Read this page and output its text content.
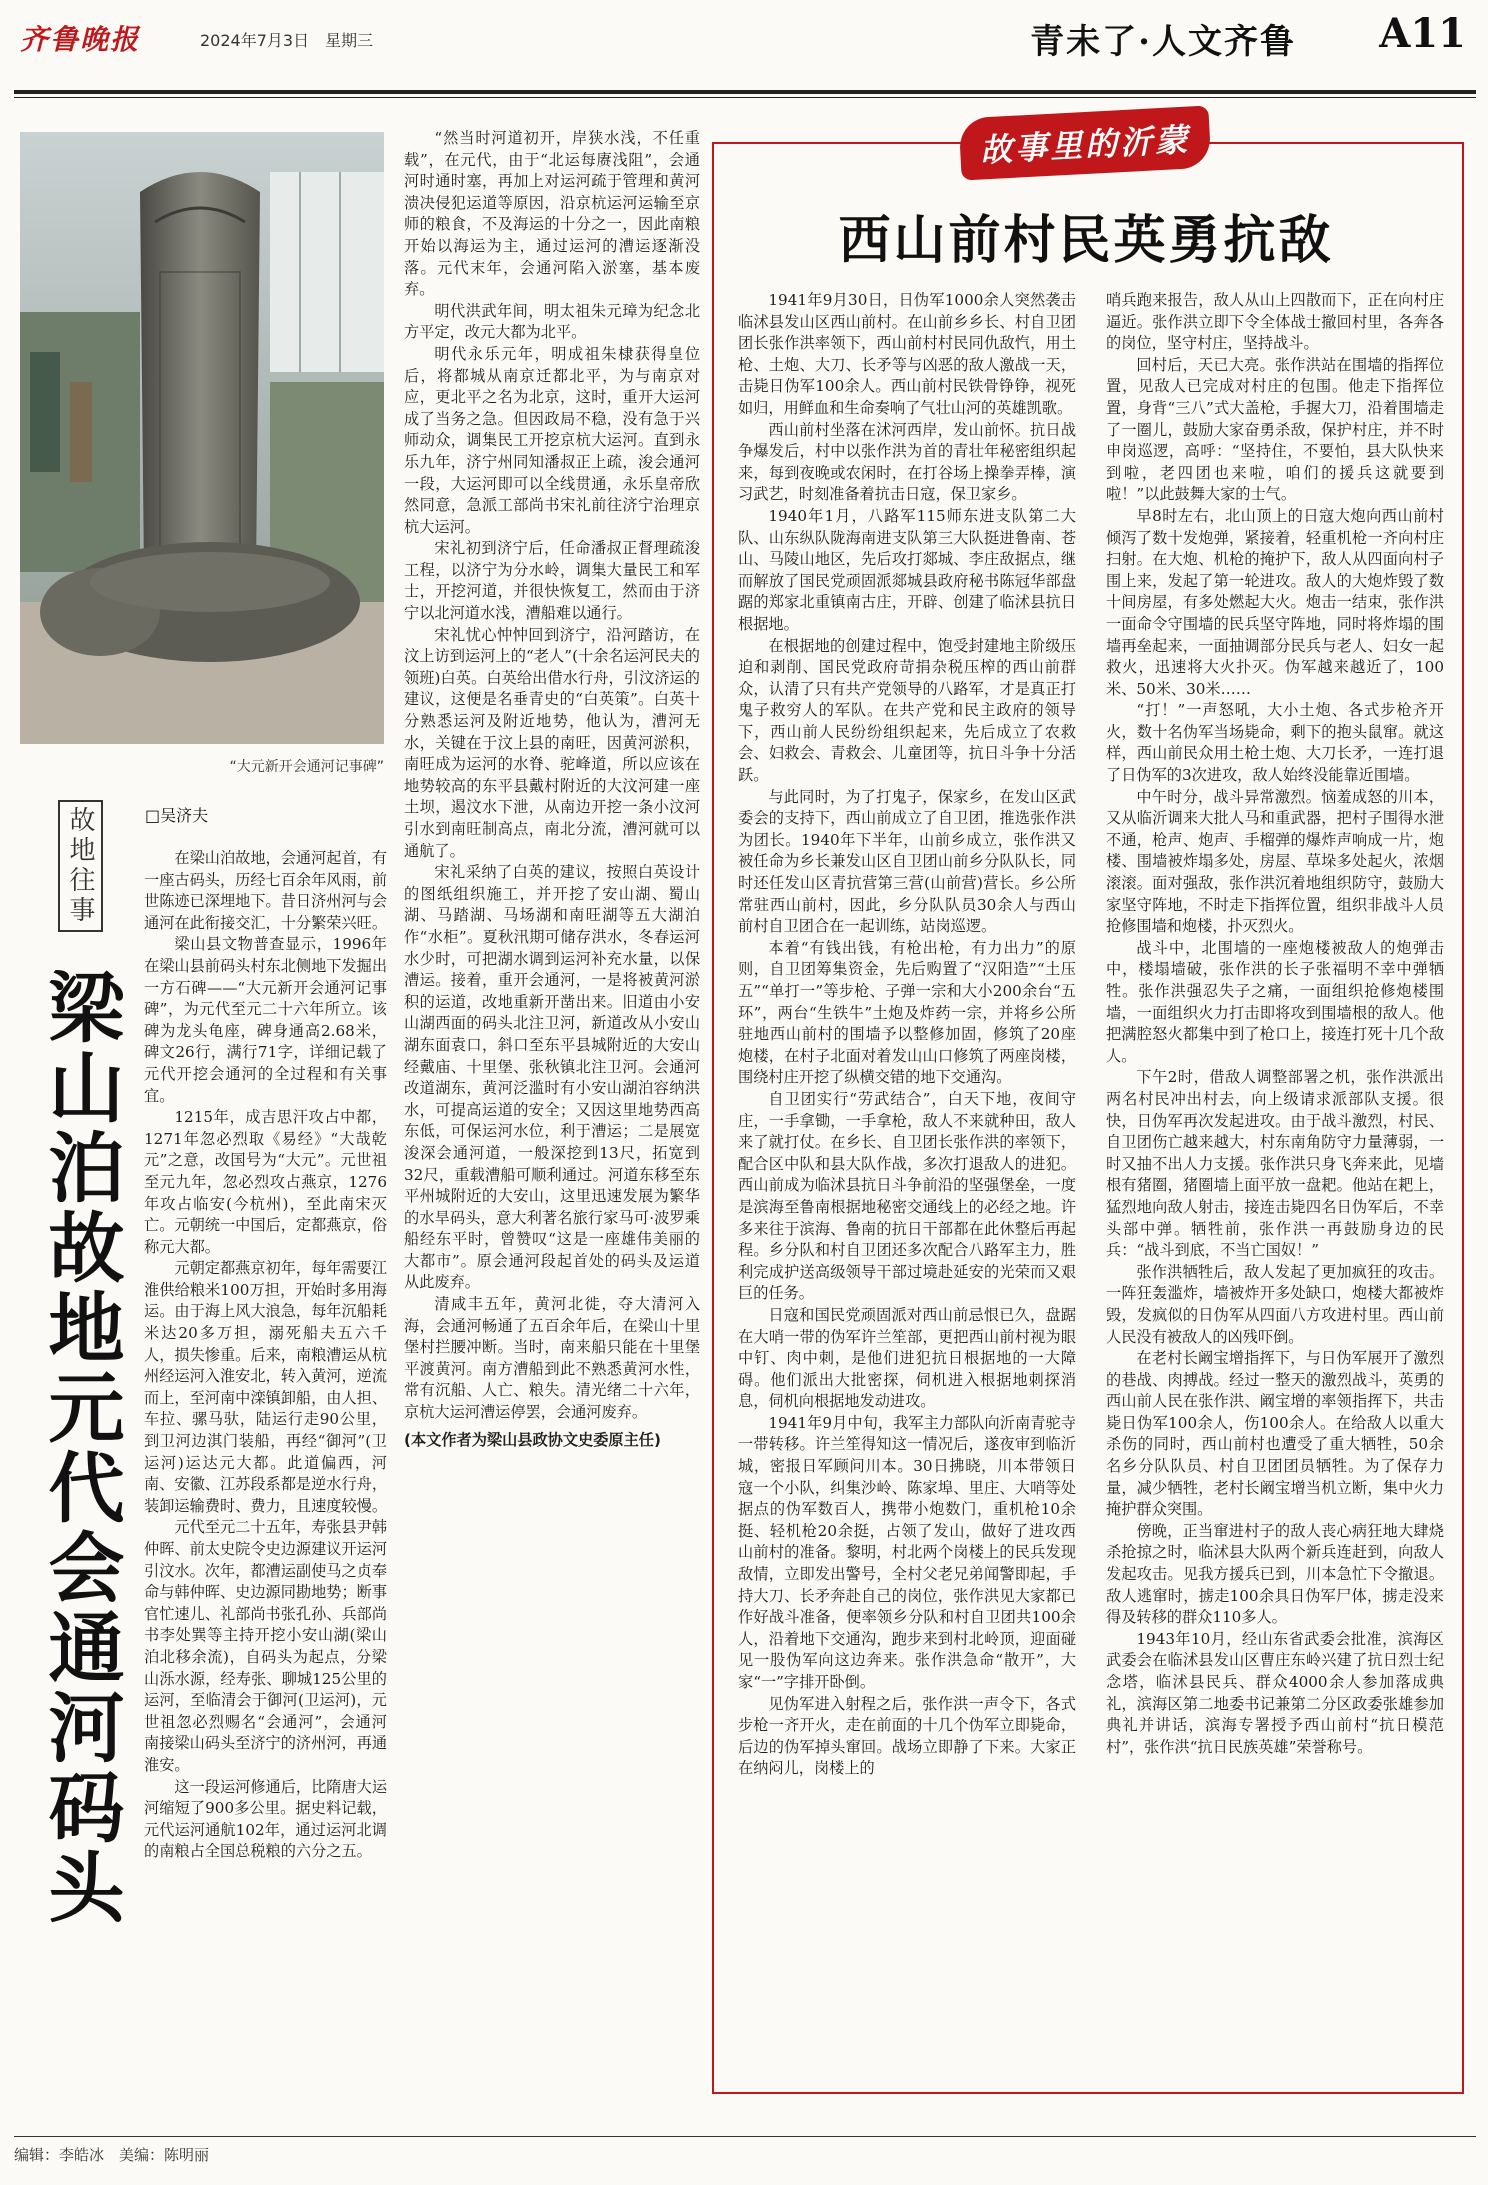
齐鲁晚报	2024年7月3日　星期三	青未了·人文齐鲁 A11
“大元新开会通河记事碑”
故地往事
梁山泊故地元代会通河码头
□吴济夫

在梁山泊故地，会通河起首，有一座古码头，历经七百余年风雨，前世陈迹已深埋地下。昔日济州河与会通河在此衔接交汇，十分繁荣兴旺。

梁山县文物普查显示，1996年在梁山县前码头村东北侧地下发掘出一方石碑——“大元新开会通河记事碑”，为元代至元二十六年所立。该碑为龙头龟座，碑身通高2.68米，碑文26行，满行71字，详细记载了元代开挖会通河的全过程和有关事宜。

1215年，成吉思汗攻占中都，1271年忽必烈取《易经》“大哉乾元”之意，改国号为“大元”。元世祖至元九年，忽必烈攻占燕京，1276年攻占临安(今杭州)，至此南宋灭亡。元朝统一中国后，定都燕京，俗称元大都。

元朝定都燕京初年，每年需要江淮供给粮米100万担，开始时多用海运。由于海上风大浪急，每年沉船耗米达20多万担，溺死船夫五六千人，损失惨重。后来，南粮漕运从杭州经运河入淮安北，转入黄河，逆流而上，至河南中滦镇卸船，由人担、车拉、骡马驮，陆运行走90公里，到卫河边淇门装船，再经“御河”(卫运河)运达元大都。此道偏西，河南、安徽、江苏段系都是逆水行舟，装卸运输费时、费力，且速度较慢。

元代至元二十五年，寿张县尹韩仲晖、前太史院令史边源建议开运河引汶水。次年，都漕运副使马之贞奉命与韩仲晖、史边源同勘地势；断事官忙速儿、礼部尚书张孔孙、兵部尚书李处巽等主持开挖小安山湖(梁山泊北移余流)，自码头为起点，分梁山泺水源，经寿张、聊城125公里的运河，至临清会于御河(卫运河)，元世祖忽必烈赐名“会通河”，会通河南接梁山码头至济宁的济州河，再通淮安。

这一段运河修通后，比隋唐大运河缩短了900多公里。据史料记载，元代运河通航102年，通过运河北调的南粮占全国总税粮的六分之五。

“然当时河道初开，岸狭水浅，不任重载”，在元代，由于“北运每赓浅阻”，会通河时通时塞，再加上对运河疏于管理和黄河溃决侵犯运道等原因，沿京杭运河运输至京师的粮食，不及海运的十分之一，因此南粮开始以海运为主，通过运河的漕运逐渐没落。元代末年，会通河陷入淤塞，基本废弃。

明代洪武年间，明太祖朱元璋为纪念北方平定，改元大都为北平。

明代永乐元年，明成祖朱棣获得皇位后，将都城从南京迁都北平，为与南京对应，更北平之名为北京，这时，重开大运河成了当务之急。但因政局不稳，没有急于兴师动众，调集民工开挖京杭大运河。直到永乐九年，济宁州同知潘叔正上疏，浚会通河一段，大运河即可以全线贯通，永乐皇帝欣然同意，急派工部尚书宋礼前往济宁治理京杭大运河。

宋礼初到济宁后，任命潘叔正督理疏浚工程，以济宁为分水岭，调集大量民工和军士，开挖河道，并很快恢复工，然而由于济宁以北河道水浅，漕船难以通行。

宋礼忧心忡忡回到济宁，沿河踏访，在汶上访到运河上的“老人”(十余名运河民夫的领班)白英。白英给出借水行舟，引汶济运的建议，这便是名垂青史的“白英策”。白英十分熟悉运河及附近地势，他认为，漕河无水，关键在于汶上县的南旺，因黄河淤积，南旺成为运河的水脊、驼峰道，所以应该在地势较高的东平县戴村附近的大汶河建一座土坝，遏汶水下泄，从南边开挖一条小汶河引水到南旺制高点，南北分流，漕河就可以通航了。

宋礼采纳了白英的建议，按照白英设计的图纸组织施工，并开挖了安山湖、蜀山湖、马踏湖、马场湖和南旺湖等五大湖泊作“水柜”。夏秋汛期可储存洪水，冬春运河水少时，可把湖水调到运河补充水量，以保漕运。接着，重开会通河，一是将被黄河淤积的运道，改地重新开凿出来。旧道由小安山湖西面的码头北注卫河，新道改从小安山湖东面袁口，斜口至东平县城附近的大安山经戴庙、十里堡、张秋镇北注卫河。会通河改道湖东，黄河泛滥时有小安山湖泊容纳洪水，可提高运道的安全；又因这里地势西高东低，可保运河水位，利于漕运；二是展宽浚深会通河道，一般深挖到13尺，拓宽到32尺，重载漕船可顺利通过。河道东移至东平州城附近的大安山，这里迅速发展为繁华的水旱码头，意大利著名旅行家马可·波罗乘船经东平时，曾赞叹“这是一座雄伟美丽的大都市”。原会通河段起首处的码头及运道从此废弃。

清咸丰五年，黄河北徙，夺大清河入海，会通河畅通了五百余年后，在梁山十里堡村拦腰冲断。当时，南来船只能在十里堡平渡黄河。南方漕船到此不熟悉黄河水性，常有沉船、人亡、粮失。清光绪二十六年，京杭大运河漕运停罢，会通河废弃。

(本文作者为梁山县政协文史委原主任)

故事里的沂蒙
西山前村民英勇抗敌

1941年9月30日，日伪军1000余人突然袭击临沭县发山区西山前村。在山前乡乡长、村自卫团团长张作洪率领下，西山前村村民同仇敌忾，用土枪、土炮、大刀、长矛等与凶恶的敌人激战一天，击毙日伪军100余人。西山前村民铁骨铮铮，视死如归，用鲜血和生命奏响了气壮山河的英雄凯歌。

西山前村坐落在沭河西岸，发山前怀。抗日战争爆发后，村中以张作洪为首的青壮年秘密组织起来，每到夜晚或农闲时，在打谷场上操拳弄棒，演习武艺，时刻准备着抗击日寇，保卫家乡。

1940年1月，八路军115师东进支队第二大队、山东纵队陇海南进支队第三大队挺进鲁南、苍山、马陵山地区，先后攻打郯城、李庄敌据点，继而解放了国民党顽固派郯城县政府秘书陈冠华部盘踞的郑家北重镇南古庄，开辟、创建了临沭县抗日根据地。

在根据地的创建过程中，饱受封建地主阶级压迫和剥削、国民党政府苛捐杂税压榨的西山前群众，认清了只有共产党领导的八路军，才是真正打鬼子救穷人的军队。在共产党和民主政府的领导下，西山前人民纷纷组织起来，先后成立了农救会、妇救会、青救会、儿童团等，抗日斗争十分活跃。

与此同时，为了打鬼子，保家乡，在发山区武委会的支持下，西山前成立了自卫团，推选张作洪为团长。1940年下半年，山前乡成立，张作洪又被任命为乡长兼发山区自卫团山前乡分队队长，同时还任发山区青抗营第三营(山前营)营长。乡公所常驻西山前村，因此，乡分队队员30余人与西山前村自卫团合在一起训练，站岗巡逻。

本着“有钱出钱，有枪出枪，有力出力”的原则，自卫团筹集资金，先后购置了“汉阳造”“土压五”“单打一”等步枪、子弹一宗和大小200余台“五环”，两台“生铁牛”土炮及炸药一宗，并将乡公所驻地西山前村的围墙予以整修加固，修筑了20座炮楼，在村子北面对着发山山口修筑了两座岗楼，围绕村庄开挖了纵横交错的地下交通沟。

自卫团实行“劳武结合”，白天下地，夜间守庄，一手拿锄，一手拿枪，敌人不来就种田，敌人来了就打仗。在乡长、自卫团长张作洪的率领下，配合区中队和县大队作战，多次打退敌人的进犯。西山前成为临沭县抗日斗争前沿的坚强堡垒，一度是滨海至鲁南根据地秘密交通线上的必经之地。许多来往于滨海、鲁南的抗日干部都在此休整后再起程。乡分队和村自卫团还多次配合八路军主力，胜利完成护送高级领导干部过境赴延安的光荣而又艰巨的任务。

日寇和国民党顽固派对西山前忌恨已久，盘踞在大哨一带的伪军许兰笙部，更把西山前村视为眼中钉、肉中刺，是他们进犯抗日根据地的一大障碍。他们派出大批密探，伺机进入根据地刺探消息，伺机向根据地发动进攻。

1941年9月中旬，我军主力部队向沂南青驼寺一带转移。许兰笙得知这一情况后，遂夜审到临沂城，密报日军顾问川本。30日拂晓，川本带领日寇一个小队，纠集沙岭、陈家埠、里庄、大哨等处据点的伪军数百人，携带小炮数门，重机枪10余挺、轻机枪20余挺，占领了发山，做好了进攻西山前村的准备。黎明，村北两个岗楼上的民兵发现敌情，立即发出警号，全村父老兄弟闻警即起，手持大刀、长矛奔赴自己的岗位，张作洪见大家都已作好战斗准备，便率领乡分队和村自卫团共100余人，沿着地下交通沟，跑步来到村北岭顶，迎面碰见一股伪军向这边奔来。张作洪急命“散开”，大家“一”字排开卧倒。

见伪军进入射程之后，张作洪一声令下，各式步枪一齐开火，走在前面的十几个伪军立即毙命，后边的伪军掉头窜回。战场立即静了下来。大家正在纳闷儿，岗楼上的

哨兵跑来报告，敌人从山上四散而下，正在向村庄逼近。张作洪立即下令全体战士撤回村里，各奔各的岗位，坚守村庄，坚持战斗。

回村后，天已大亮。张作洪站在围墙的指挥位置，见敌人已完成对村庄的包围。他走下指挥位置，身背“三八”式大盖枪，手握大刀，沿着围墙走了一圈儿，鼓励大家奋勇杀敌，保护村庄，并不时申岗巡逻，高呼：“坚持住，不要怕，县大队快来到啦，老四团也来啦，咱们的援兵这就要到啦！”以此鼓舞大家的士气。

早8时左右，北山顶上的日寇大炮向西山前村倾泻了数十发炮弹，紧接着，轻重机枪一齐向村庄扫射。在大炮、机枪的掩护下，敌人从四面向村子围上来，发起了第一轮进攻。敌人的大炮炸毁了数十间房屋，有多处燃起大火。炮击一结束，张作洪一面命令守围墙的民兵坚守阵地，同时将炸塌的围墙再垒起来，一面抽调部分民兵与老人、妇女一起救火，迅速将大火扑灭。伪军越来越近了，100米、50米、30米……

“打！”一声怒吼，大小土炮、各式步枪齐开火，数十名伪军当场毙命，剩下的抱头鼠窜。就这样，西山前民众用土枪土炮、大刀长矛，一连打退了日伪军的3次进攻，敌人始终没能靠近围墙。

中午时分，战斗异常激烈。恼羞成怒的川本，又从临沂调来大批人马和重武器，把村子围得水泄不通，枪声、炮声、手榴弹的爆炸声响成一片，炮楼、围墙被炸塌多处，房屋、草垛多处起火，浓烟滚滚。面对强敌，张作洪沉着地组织防守，鼓励大家坚守阵地，不时走下指挥位置，组织非战斗人员抢修围墙和炮楼，扑灭烈火。

战斗中，北围墙的一座炮楼被敌人的炮弹击中，楼塌墙破，张作洪的长子张福明不幸中弹牺牲。张作洪强忍失子之痛，一面组织抢修炮楼围墙，一面组织火力打击即将攻到围墙根的敌人。他把满腔怒火都集中到了枪口上，接连打死十几个敌人。

下午2时，借敌人调整部署之机，张作洪派出两名村民冲出村去，向上级请求派部队支援。很快，日伪军再次发起进攻。由于战斗激烈，村民、自卫团伤亡越来越大，村东南角防守力量薄弱，一时又抽不出人力支援。张作洪只身飞奔来此，见墙根有猪圈，猪圈墙上面平放一盘耙。他站在耙上，猛烈地向敌人射击，接连击毙四名日伪军后，不幸头部中弹。牺牲前，张作洪一再鼓励身边的民兵：“战斗到底，不当亡国奴！”

张作洪牺牲后，敌人发起了更加疯狂的攻击。一阵狂轰滥炸，墙被炸开多处缺口，炮楼大都被炸毁，发疯似的日伪军从四面八方攻进村里。西山前人民没有被敌人的凶残吓倒。

在老村长阚宝增指挥下，与日伪军展开了激烈的巷战、肉搏战。经过一整天的激烈战斗，英勇的西山前人民在张作洪、阚宝增的率领指挥下，共击毙日伪军100余人，伤100余人。在给敌人以重大杀伤的同时，西山前村也遭受了重大牺牲，50余名乡分队队员、村自卫团团员牺牲。为了保存力量，减少牺牲，老村长阚宝增当机立断，集中火力掩护群众突围。

傍晚，正当窜进村子的敌人丧心病狂地大肆烧杀抢掠之时，临沭县大队两个新兵连赶到，向敌人发起攻击。见我方援兵已到，川本急忙下令撤退。敌人逃窜时，掳走100余具日伪军尸体，掳走没来得及转移的群众110多人。

1943年10月，经山东省武委会批准，滨海区武委会在临沭县发山区曹庄东岭兴建了抗日烈士纪念塔，临沭县民兵、群众4000余人参加落成典礼，滨海区第二地委书记兼第二分区政委张雄参加典礼并讲话，滨海专署授予西山前村“抗日模范村”，张作洪“抗日民族英雄”荣誉称号。

编辑：李皓冰　美编：陈明丽
